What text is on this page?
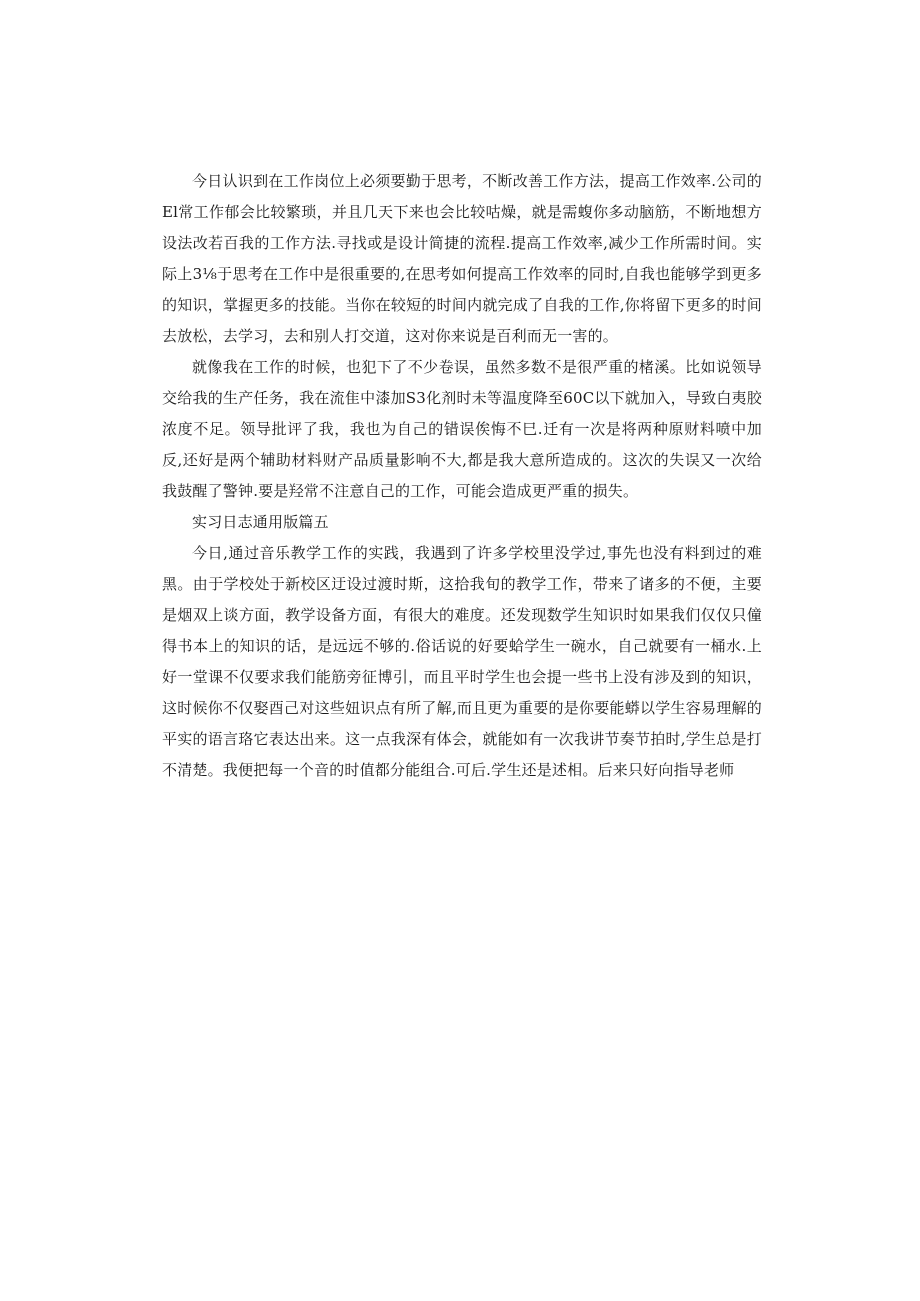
今日认识到在工作岗位上必须要勤于思考，不断改善工作方法，提高工作效率.公司的El常工作郁会比较繁琐，并且几天下来也会比较咕燥，就是需蝮你多动脑筋，不断地想方设法改若百我的工作方法.寻找或是设计简捷的流程.提高工作效率,减少工作所需时间。实际上3⅛于思考在工作中是很重要的,在思考如何提高工作效率的同时,自我也能够学到更多的知识，掌握更多的技能。当你在较短的时间内就完成了自我的工作,你将留下更多的时间去放松，去学习，去和别人打交道，这对你来说是百利而无一害的。

就像我在工作的时候，也犯下了不少卷误，虽然多数不是很严重的楮溪。比如说领导交给我的生产任务，我在流隹中漆加S3化剂时未等温度降至60C以下就加入，导致白夷胶浓度不足。领导批评了我，我也为自己的错误俟悔不巳.迁有一次是将两种原财料喷中加反,还好是两个辅助材料财产品质量影响不大,都是我大意所造成的。这次的失误又一次给我鼓醒了警钟.要是羟常不注意自己的工作，可能会造成更严重的损失。

实习日志通用版篇五

今日,通过音乐教学工作的实践，我遇到了许多学校里没学过,事先也没有料到过的难黑。由于学校处于新校区迂设过渡时斯，这拾我旬的教学工作，带来了诸多的不便，主要是烟双上谈方面，教学设备方面，有很大的难度。还发现数学生知识时如果我们仅仅只僮得书本上的知识的话，是远远不够的.俗话说的好要蛤学生一碗水，自己就要有一桶水.上好一堂课不仅要求我们能筋旁征博引，而且平时学生也会提一些书上没有涉及到的知识，这时候你不仅娶酉己对这些妞识点有所了解,而且更为重要的是你要能蟒以学生容易理解的平实的语言珞它表达出来。这一点我深有体会，就能如有一次我讲节奏节拍时,学生总是打不清楚。我便把每一个音的时值都分能组合.可后.学生还是述相。后来只好向指导老师
